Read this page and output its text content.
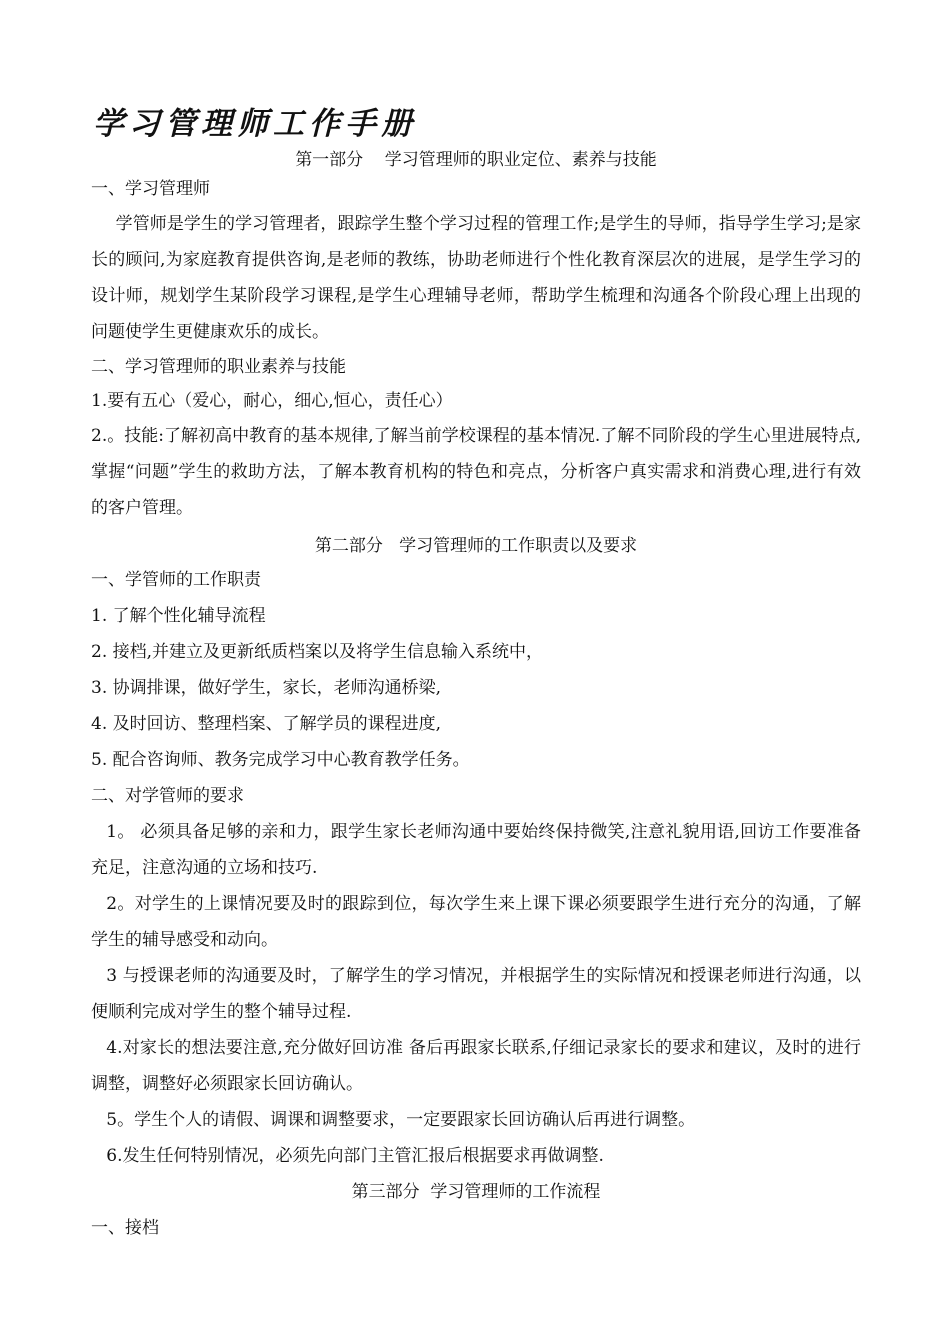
学习管理师工作手册
第一部分    学习管理师的职业定位、素养与技能
一、学习管理师

学管师是学生的学习管理者，跟踪学生整个学习过程的管理工作;是学生的导师，指导学生学习;是家长的顾问,为家庭教育提供咨询,是老师的教练，协助老师进行个性化教育深层次的进展，是学生学习的设计师，规划学生某阶段学习课程,是学生心理辅导老师，帮助学生梳理和沟通各个阶段心理上出现的问题使学生更健康欢乐的成长。

二、学习管理师的职业素养与技能
1.要有五心（爱心，耐心，细心,恒心，责任心）

2.。技能:了解初高中教育的基本规律,了解当前学校课程的基本情况.了解不同阶段的学生心里进展特点,掌握“问题”学生的救助方法，了解本教育机构的特色和亮点，分析客户真实需求和消费心理,进行有效的客户管理。

第二部分   学习管理师的工作职责以及要求
一、学管师的工作职责
1. 了解个性化辅导流程
2. 接档,并建立及更新纸质档案以及将学生信息输入系统中，
3. 协调排课，做好学生，家长，老师沟通桥梁,
4. 及时回访、整理档案、了解学员的课程进度,
5. 配合咨询师、教务完成学习中心教育教学任务。
二、对学管师的要求

1。 必须具备足够的亲和力，跟学生家长老师沟通中要始终保持微笑,注意礼貌用语,回访工作要准备充足，注意沟通的立场和技巧.

2。对学生的上课情况要及时的跟踪到位，每次学生来上课下课必须要跟学生进行充分的沟通，了解学生的辅导感受和动向。

3 与授课老师的沟通要及时，了解学生的学习情况，并根据学生的实际情况和授课老师进行沟通，以便顺利完成对学生的整个辅导过程.

4.对家长的想法要注意,充分做好回访准 备后再跟家长联系,仔细记录家长的要求和建议，及时的进行调整，调整好必须跟家长回访确认。

5。学生个人的请假、调课和调整要求，一定要跟家长回访确认后再进行调整。

6.发生任何特别情况，必须先向部门主管汇报后根据要求再做调整.

第三部分  学习管理师的工作流程
一、接档
